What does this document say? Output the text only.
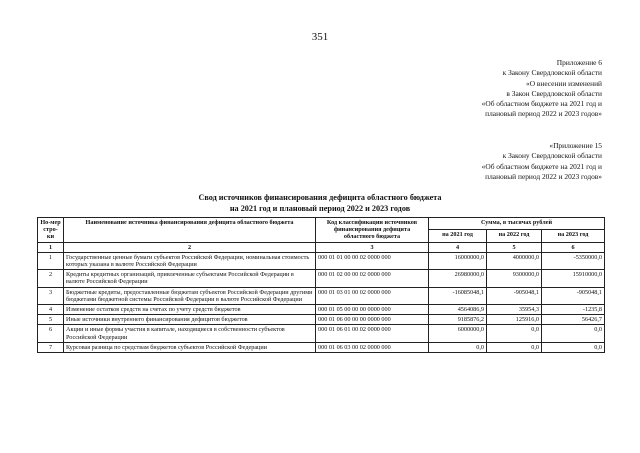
351
Приложение 6
к Закону Свердловской области
«О внесении изменений
в Закон Свердловской области
«Об областном бюджете на 2021 год и
плановый период 2022 и 2023 годов»
«Приложение 15
к Закону Свердловской области
«Об областном бюджете на 2021 год и
плановый период 2022 и 2023 годов»
Свод источников финансирования дефицита областного бюджета
на 2021 год и плановый период 2022 и 2023 годов
Но-мер стро-ки	Наименование источника финансирования дефицита областного бюджета	Код классификации источников финансирования дефицита областного бюджета	Сумма, в тысячах рублей		
			на 2021 год	на 2022 год	на 2023 год
1	2	3	4	5	6
1	Государственные ценные бумаги субъектов Российской Федерации, номинальная стоимость которых указана в валюте Российской Федерации	000 01 01 00 00 02 0000 000	16000000,0	4000000,0	-5350000,0
2	Кредиты кредитных организаций, привлеченные субъектами Российской Федерации в валюте Российской Федерации	000 01 02 00 00 02 0000 000	26980000,0	9300000,0	15910000,0
3	Бюджетные кредиты, предоставленные бюджетам субъектов Российской Федерации другими бюджетами бюджетной системы Российской Федерации в валюте Российской Федерации	000 01 03 01 00 02 0000 000	-16085048,1	-905048,1	-905048,1
4	Изменение остатков средств на счетах по учету средств бюджетов	000 01 05 00 00 00 0000 000	4564086,9	35954,3	-1235,8
5	Иные источники внутреннего финансирования дефицитов бюджетов	000 01 06 00 00 00 0000 000	9185876,2	125916,0	56426,7
6	Акции и иные формы участия в капитале, находящиеся в собственности субъектов Российской Федерации	000 01 06 01 00 02 0000 000	6000000,0	0,0	0,0
7	Курсовая разница по средствам бюджетов субъектов Российской Федерации	000 01 06 03 00 02 0000 000	0,0	0,0	0,0
